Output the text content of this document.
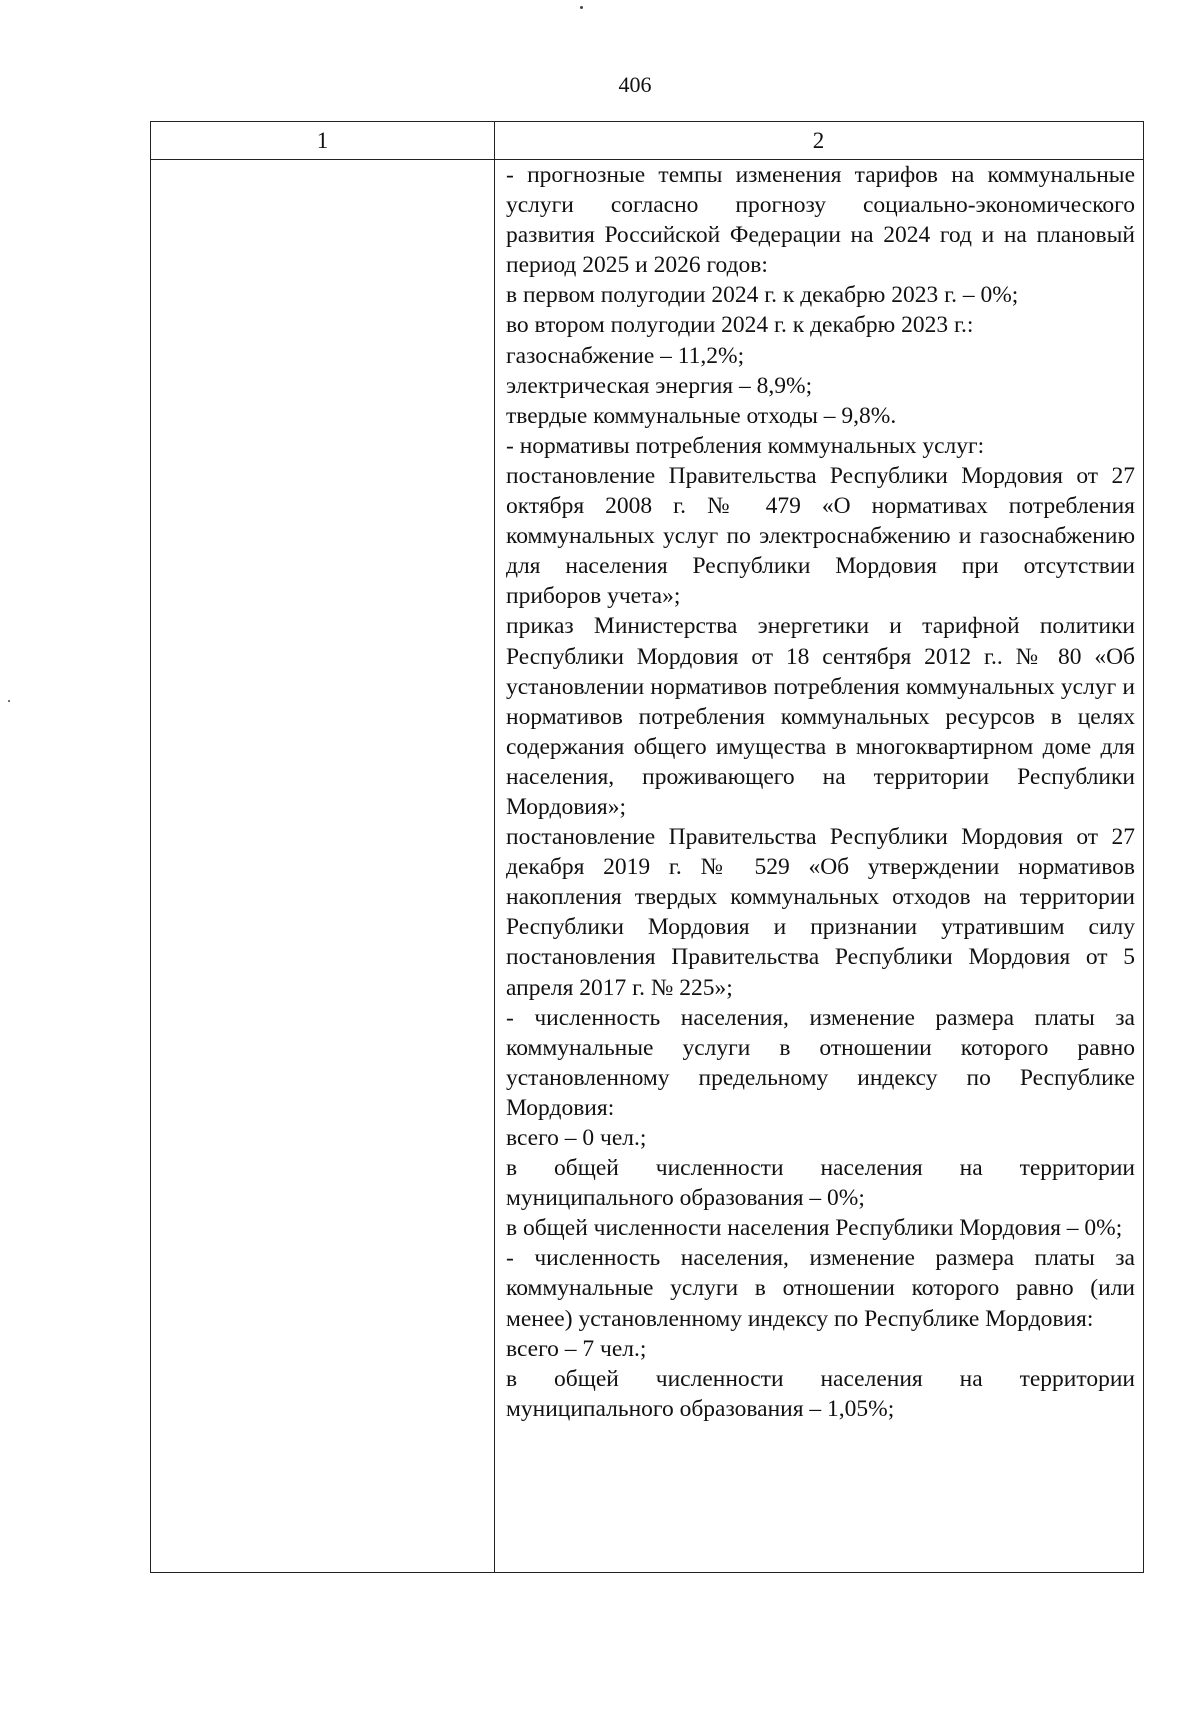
406
1	2

- прогнозные темпы изменения тарифов на коммунальные услуги согласно прогнозу социально-экономического развития Российской Федерации на 2024 год и на плановый период 2025 и 2026 годов:

в первом полугодии 2024 г. к декабрю 2023 г. – 0%;

во втором полугодии 2024 г. к декабрю 2023 г.:

газоснабжение – 11,2%;

электрическая энергия – 8,9%;

твердые коммунальные отходы – 9,8%.

- нормативы потребления коммунальных услуг:

постановление Правительства Республики Мордовия от 27 октября 2008 г. № 479 «О нормативах потребления коммунальных услуг по электроснабжению и газоснабжению для населения Республики Мордовия при отсутствии приборов учета»;

приказ Министерства энергетики и тарифной политики Республики Мордовия от 18 сентября 2012 г.. № 80 «Об установлении нормативов потребления коммунальных услуг и нормативов потребления коммунальных ресурсов в целях содержания общего имущества в многоквартирном доме для населения, проживающего на территории Республики Мордовия»;

постановление Правительства Республики Мордовия от 27 декабря 2019 г. № 529 «Об утверждении нормативов накопления твердых коммунальных отходов на территории Республики Мордовия и признании утратившим силу постановления Правительства Республики Мордовия от 5 апреля 2017 г. № 225»;

- численность населения, изменение размера платы за коммунальные услуги в отношении которого равно установленному предельному индексу по Республике Мордовия:

всего – 0 чел.;

в общей численности населения на территории муниципального образования – 0%;

в общей численности населения Республики Мордовия – 0%;

- численность населения, изменение размера платы за коммунальные услуги в отношении которого равно (или менее) установленному индексу по Республике Мордовия:

всего – 7 чел.;

в общей численности населения на территории муниципального образования – 1,05%;
